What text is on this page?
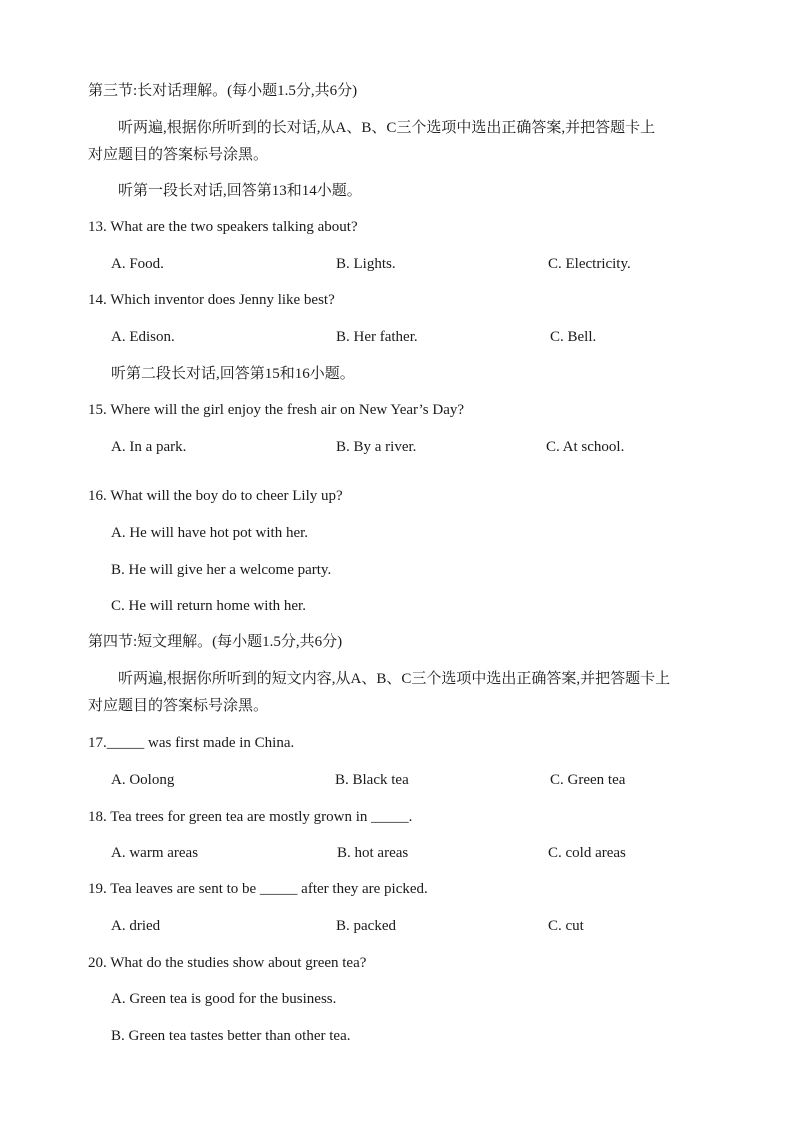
第三节:长对话理解。(每小题1.5分,共6分)
听两遍,根据你所听到的长对话,从A、B、C三个选项中选出正确答案,并把答题卡上
对应题目的答案标号涂黑。
听第一段长对话,回答第13和14小题。
13. What are the two speakers talking about?
A. Food.	B. Lights.	C. Electricity.
14. Which inventor does Jenny like best?
A. Edison.	B. Her father.	C. Bell.
听第二段长对话,回答第15和16小题。
15. Where will the girl enjoy the fresh air on New Year’s Day?
A. In a park.	B. By a river.	C. At school.
16. What will the boy do to cheer Lily up?
A. He will have hot pot with her.
B. He will give her a welcome party.
C. He will return home with her.
第四节:短文理解。(每小题1.5分,共6分)
听两遍,根据你所听到的短文内容,从A、B、C三个选项中选出正确答案,并把答题卡上
对应题目的答案标号涂黑。
17._____ was first made in China.
A. Oolong	B. Black tea	C. Green tea
18. Tea trees for green tea are mostly grown in _____.
A. warm areas	B. hot areas	C. cold areas
19. Tea leaves are sent to be _____ after they are picked.
A. dried	B. packed	C. cut
20. What do the studies show about green tea?
A. Green tea is good for the business.
B. Green tea tastes better than other tea.
